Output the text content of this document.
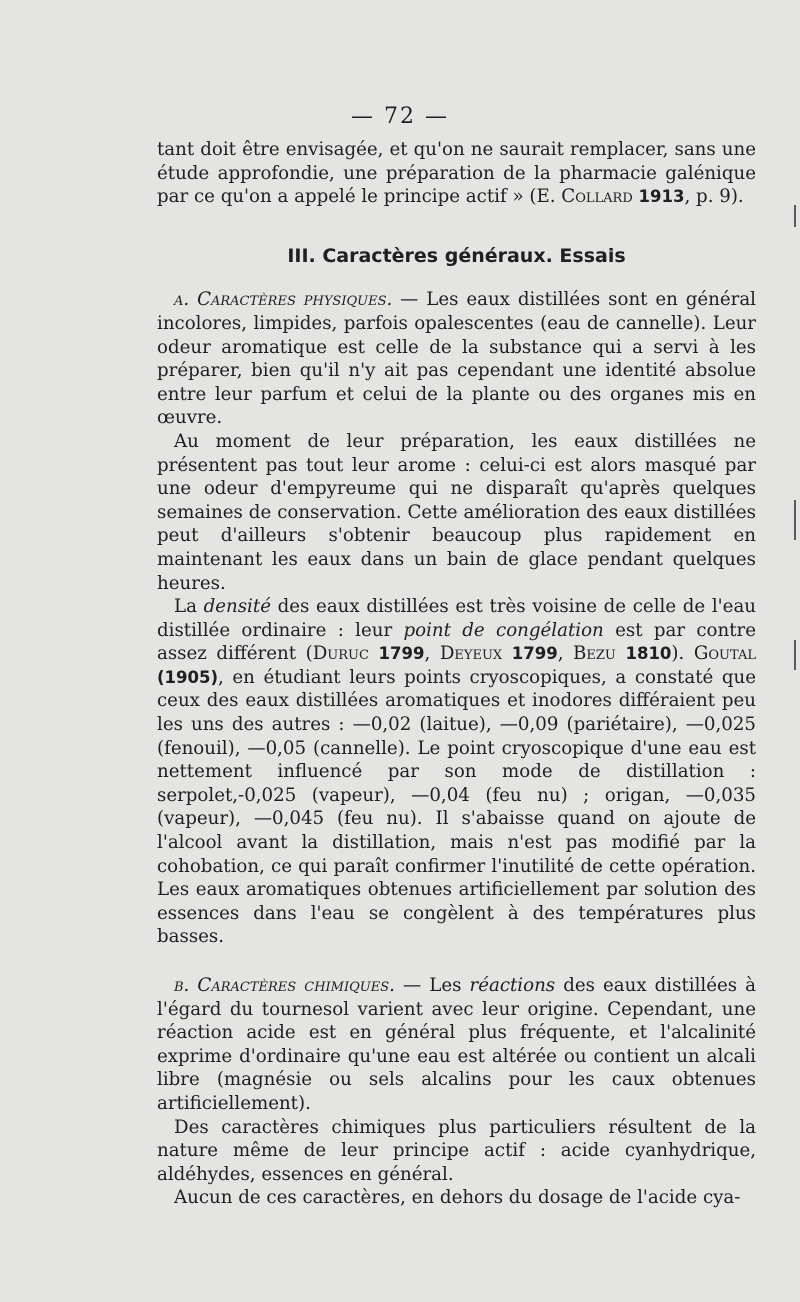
— 72 —

tant doit être envisagée, et qu'on ne saurait remplacer, sans une étude approfondie, une préparation de la pharmacie galénique par ce qu'on a appelé le principe actif » (E. Collard 1913, p. 9).

III. Caractères généraux. Essais

a. Caractères physiques. — Les eaux distillées sont en général incolores, limpides, parfois opalescentes (eau de cannelle). Leur odeur aromatique est celle de la substance qui a servi à les préparer, bien qu'il n'y ait pas cependant une identité absolue entre leur parfum et celui de la plante ou des organes mis en œuvre.

Au moment de leur préparation, les eaux distillées ne présentent pas tout leur arome : celui-ci est alors masqué par une odeur d'empyreume qui ne disparaît qu'après quelques semaines de conservation. Cette amélioration des eaux distillées peut d'ailleurs s'obtenir beaucoup plus rapidement en maintenant les eaux dans un bain de glace pendant quelques heures.

La densité des eaux distillées est très voisine de celle de l'eau distillée ordinaire : leur point de congélation est par contre assez différent (Duruc 1799, Deyeux 1799, Bezu 1810). Goutal (1905), en étudiant leurs points cryoscopiques, a constaté que ceux des eaux distillées aromatiques et inodores différaient peu les uns des autres : —0,02 (laitue), —0,09 (pariétaire), —0,025 (fenouil), —0,05 (cannelle). Le point cryoscopique d'une eau est nettement influencé par son mode de distillation : serpolet,-0,025 (vapeur), —0,04 (feu nu) ; origan, —0,035 (vapeur), —0,045 (feu nu). Il s'abaisse quand on ajoute de l'alcool avant la distillation, mais n'est pas modifié par la cohobation, ce qui paraît confirmer l'inutilité de cette opération. Les eaux aromatiques obtenues artificiellement par solution des essences dans l'eau se congèlent à des températures plus basses.

b. Caractères chimiques. — Les réactions des eaux distillées à l'égard du tournesol varient avec leur origine. Cependant, une réaction acide est en général plus fréquente, et l'alcalinité exprime d'ordinaire qu'une eau est altérée ou contient un alcali libre (magnésie ou sels alcalins pour les caux obtenues artificiellement).

Des caractères chimiques plus particuliers résultent de la nature même de leur principe actif : acide cyanhydrique, aldéhydes, essences en général.

Aucun de ces caractères, en dehors du dosage de l'acide cya-
